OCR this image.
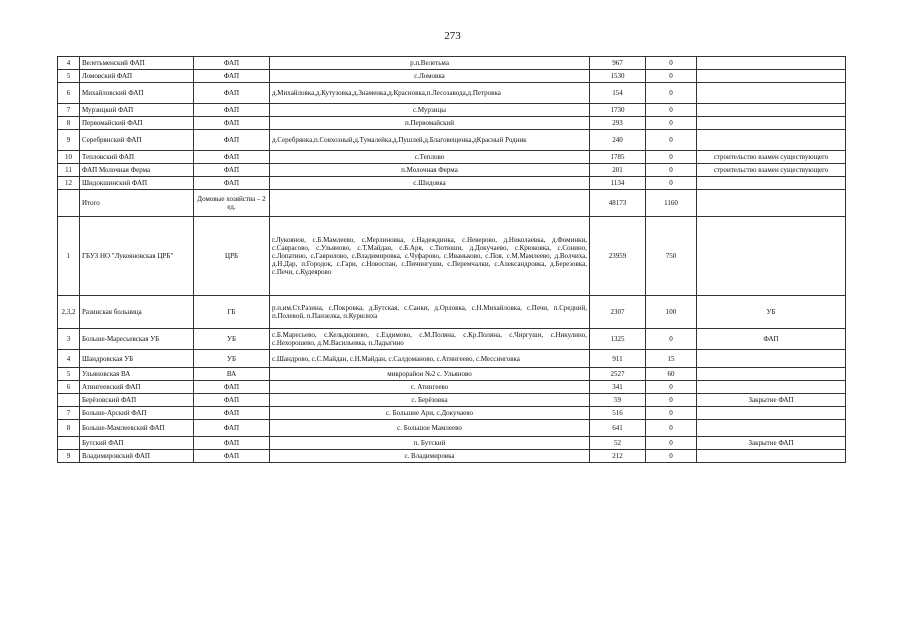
273
4	Велетьменский ФАП	ФАП	р.п.Велетьма	967	0	
5	Ломовский ФАП	ФАП	с.Ломовка	1530	0	
6	Михайловский ФАП	ФАП	д.Михайловка,д.Кутузовка,д.Знаменка,д.Красновка,п.Лесозавода,д.Петровка	154	0	
7	Мурзицкий ФАП	ФАП	с.Мурзицы	1730	0	
8	Первомайский ФАП	ФАП	п.Первомайский	293	0	
9	Серебрянский ФАП	ФАП	д.Серебрянка,п.Совхозный,д.Тумалейка,д.Пушлей,д.Благовещенка,дКрасный Родник	240	0	
10	Тепловский ФАП	ФАП	с.Теплово	1785	0	строительство взамен существующего
11	ФАП Молочная Ферма	ФАП	п.Молочная Ферма	201	0	строительство взамен существующего
12	Шидокшинский ФАП	ФАП	с.Шидовка	1134	0	
	Итого	Домовые хозяйства – 2 ед.		48173	1160	
1	ГБУЗ НО "Лукояновская ЦРБ"	ЦРБ	г.Лукоянов, с.Б.Мамлеево, с.Мерлиновка, с.Надеждинка, с.Неверово, д.Николаевка, д.Фоминки, с.Саврасово, с.Ульяново, с.Т.Майдан, с.Б.Аря, с.Тютюши, д.Докучаево, с.Крюковка, с.Сонино, с.Лопатино, с.Гаврилово, с.Владимировка, с.Чуфарово, с.Иваньково, с.Поя, с.М.Мамлеево, д.Волчиха, д.Н.Дар, п.Городок, с.Гари, с.Новоспан, с.Пичингуши, с.Перемчалки, с.Александровка, д.Березовка, с.Печи, с.Кудеярово	23959	750	
2,3,2	Разинская больница	ГБ	р.п.им.Ст.Разина, с.Покровка, д.Бутская, с.Санки, д.Орловка, с.Н.Михайловка, с.Печи, п.Средний, п.Полевой, п.Панзелка, п.Курилиха	2307	100	УБ
3	Больше-Маресьевская УБ	УБ	с.Б.Маресьево, с.Кельдюшево, с.Ездимово, с.М.Полянa, с.Кр.Поляна, с.Чиргуши, с.Никулино, с.Нехорошево, д.М.Васильевка, п.Ладыгино	1325	0	ФАП
4	Шандровская УБ	УБ	с.Шандрово, с.С.Майдан, с.Н.Майдан, с.Салдомановo, с.Атингеево, с.Мессинговка	911	15	
5	Ульяновская ВА	ВА	микрорайон №2 с. Ульяново	2527	60	
6	Атингеевский ФАП	ФАП	с. Атингеево	341	0	
	Берёзовский ФАП	ФАП	с. Берёзовка	59	0	Закрытие ФАП
7	Больше-Арский ФАП	ФАП	с. Большие Ари, с.Докучаево	516	0	
8	Больше-Мамлеевский ФАП	ФАП	с. Большое Мамлеево	641	0	
	Бутский ФАП	ФАП	п. Бутский	52	0	Закрытие ФАП
9	Владимировский ФАП	ФАП	с. Владимировка	212	0	
